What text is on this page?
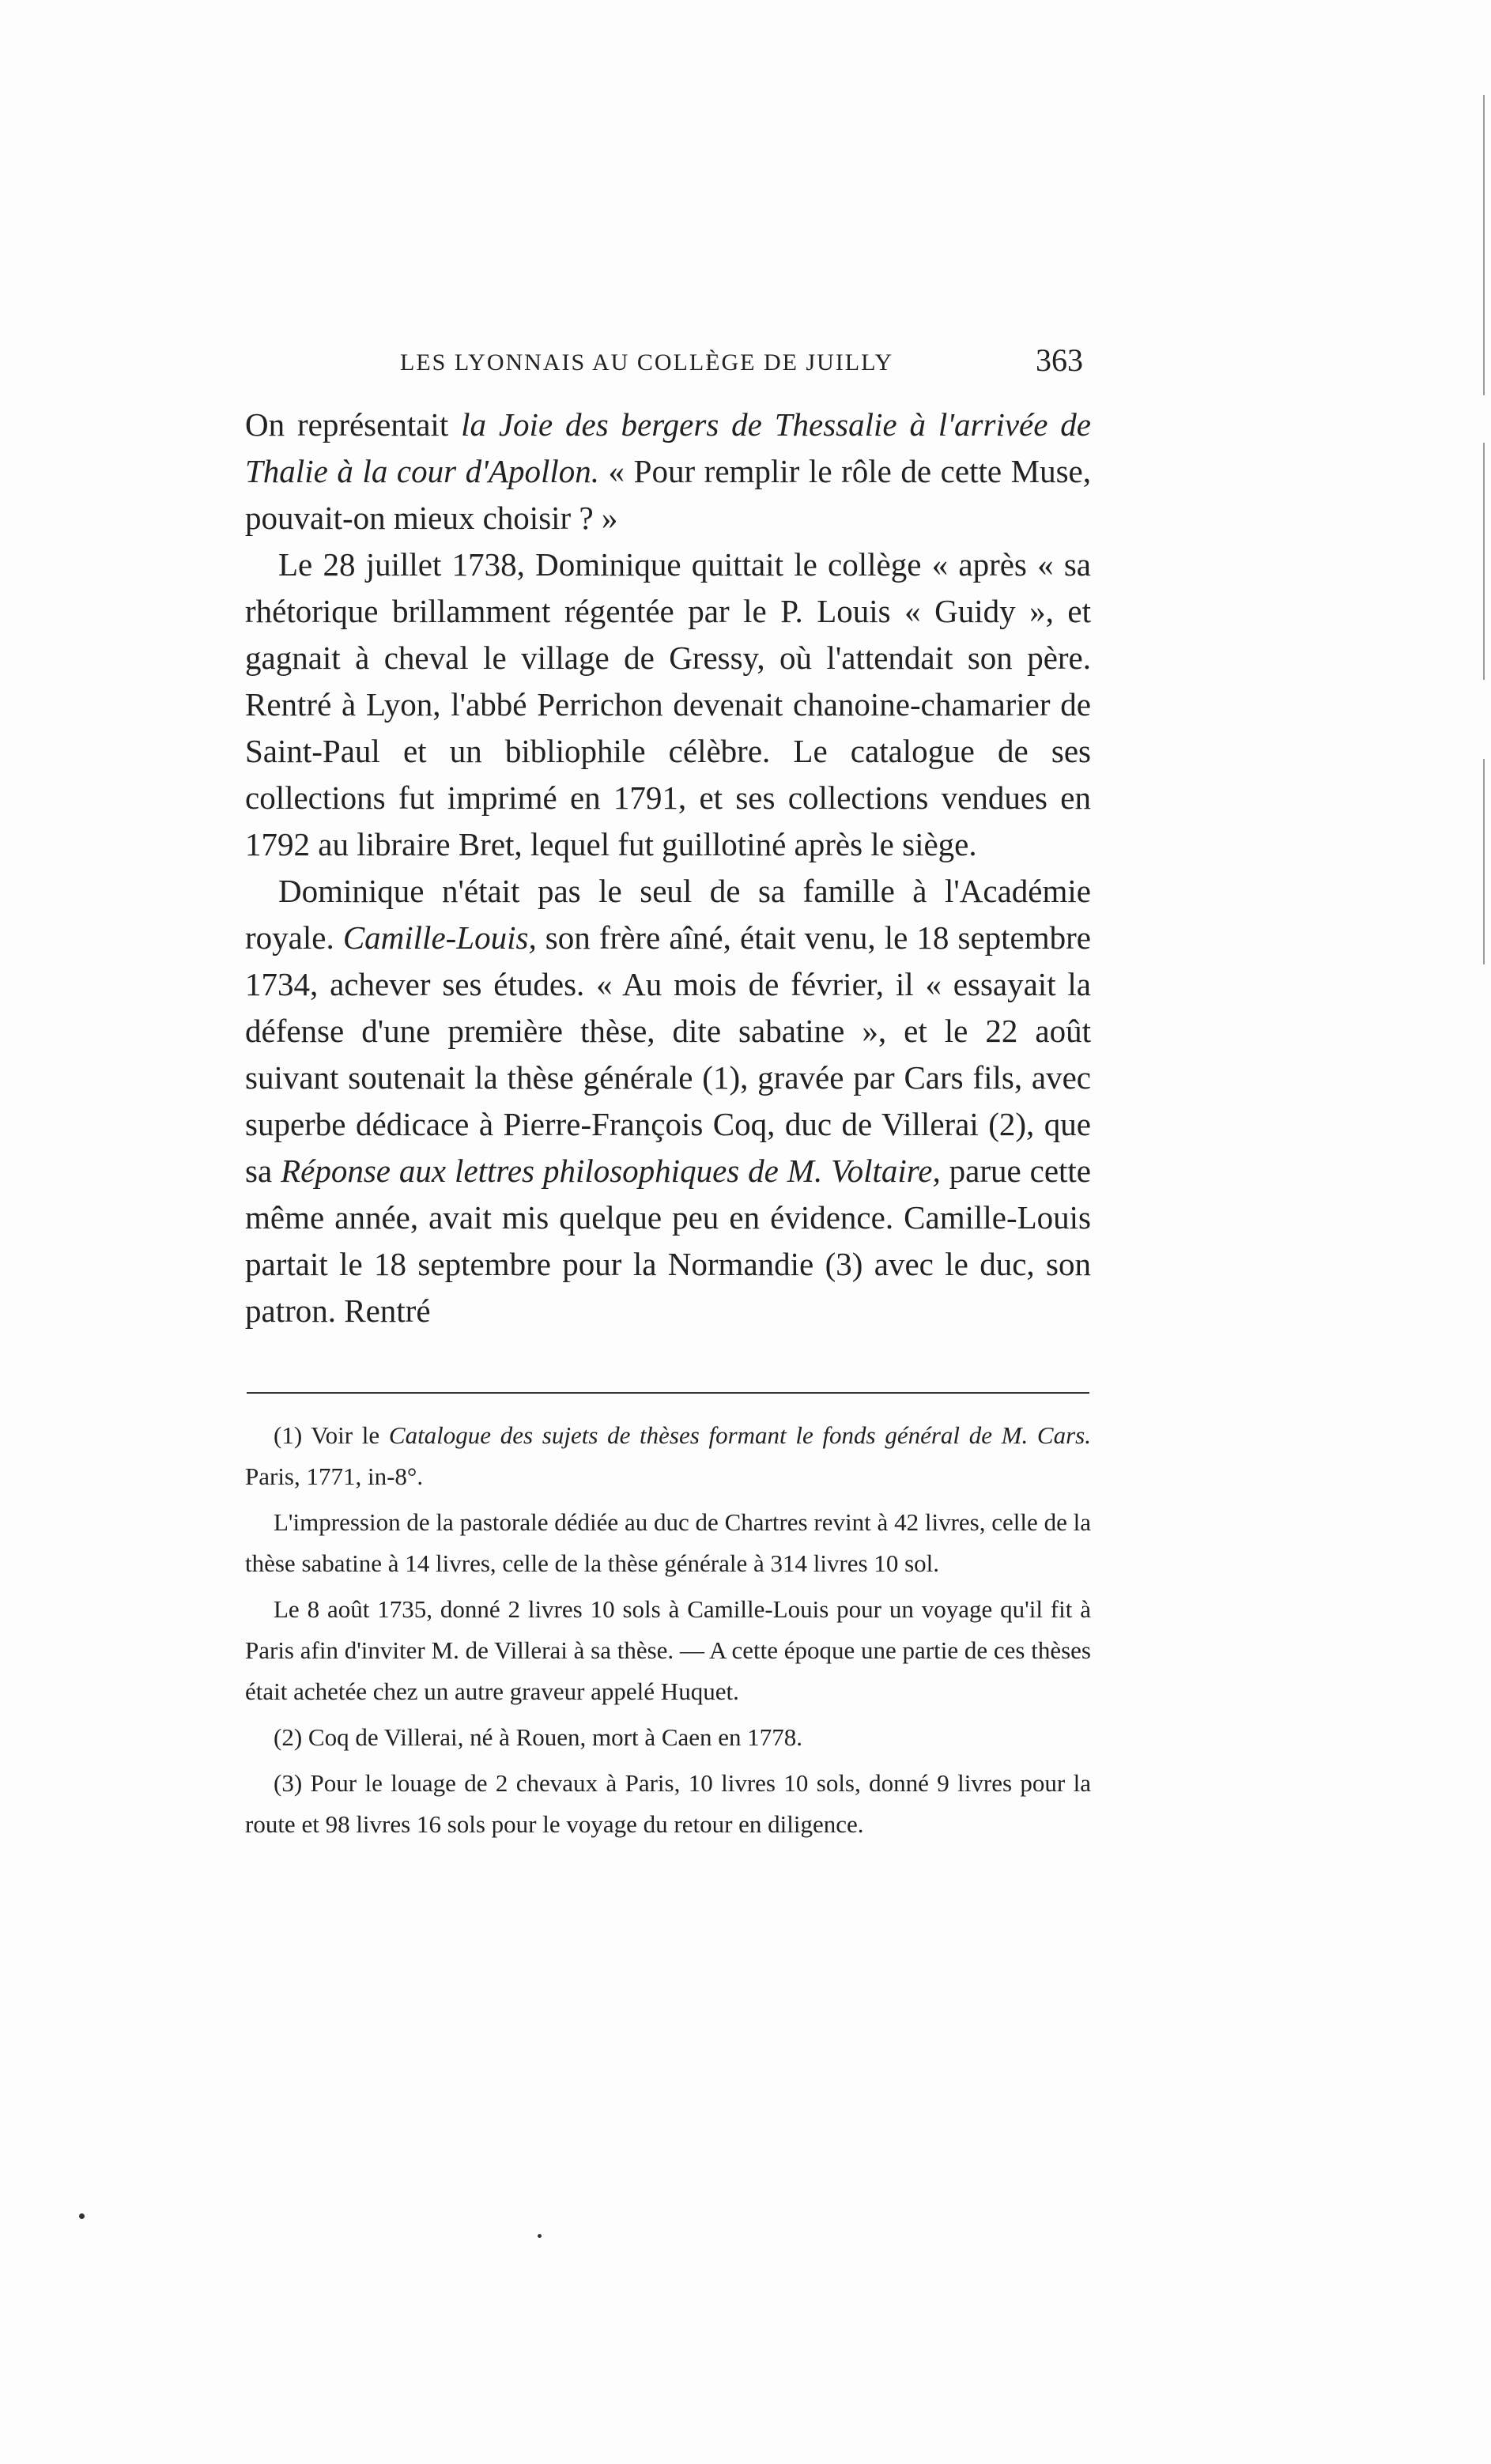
LES LYONNAIS AU COLLÈGE DE JUILLY	363

On représentait la Joie des bergers de Thessalie à l'arrivée de Thalie à la cour d'Apollon. « Pour remplir le rôle de cette Muse, pouvait-on mieux choisir ? »

Le 28 juillet 1738, Dominique quittait le collège « après « sa rhétorique brillamment régentée par le P. Louis « Guidy », et gagnait à cheval le village de Gressy, où l'attendait son père. Rentré à Lyon, l'abbé Perrichon devenait chanoine-chamarier de Saint-Paul et un bibliophile célèbre. Le catalogue de ses collections fut imprimé en 1791, et ses collections vendues en 1792 au libraire Bret, lequel fut guillotiné après le siège.

Dominique n'était pas le seul de sa famille à l'Académie royale. Camille-Louis, son frère aîné, était venu, le 18 septembre 1734, achever ses études. « Au mois de février, il « essayait la défense d'une première thèse, dite sabatine », et le 22 août suivant soutenait la thèse générale (1), gravée par Cars fils, avec superbe dédicace à Pierre-François Coq, duc de Villerai (2), que sa Réponse aux lettres philosophiques de M. Voltaire, parue cette même année, avait mis quelque peu en évidence. Camille-Louis partait le 18 septembre pour la Normandie (3) avec le duc, son patron. Rentré

(1) Voir le Catalogue des sujets de thèses formant le fonds général de M. Cars. Paris, 1771, in-8°.

L'impression de la pastorale dédiée au duc de Chartres revint à 42 livres, celle de la thèse sabatine à 14 livres, celle de la thèse générale à 314 livres 10 sol.

Le 8 août 1735, donné 2 livres 10 sols à Camille-Louis pour un voyage qu'il fit à Paris afin d'inviter M. de Villerai à sa thèse. — A cette époque une partie de ces thèses était achetée chez un autre graveur appelé Huquet.

(2) Coq de Villerai, né à Rouen, mort à Caen en 1778.

(3) Pour le louage de 2 chevaux à Paris, 10 livres 10 sols, donné 9 livres pour la route et 98 livres 16 sols pour le voyage du retour en diligence.
